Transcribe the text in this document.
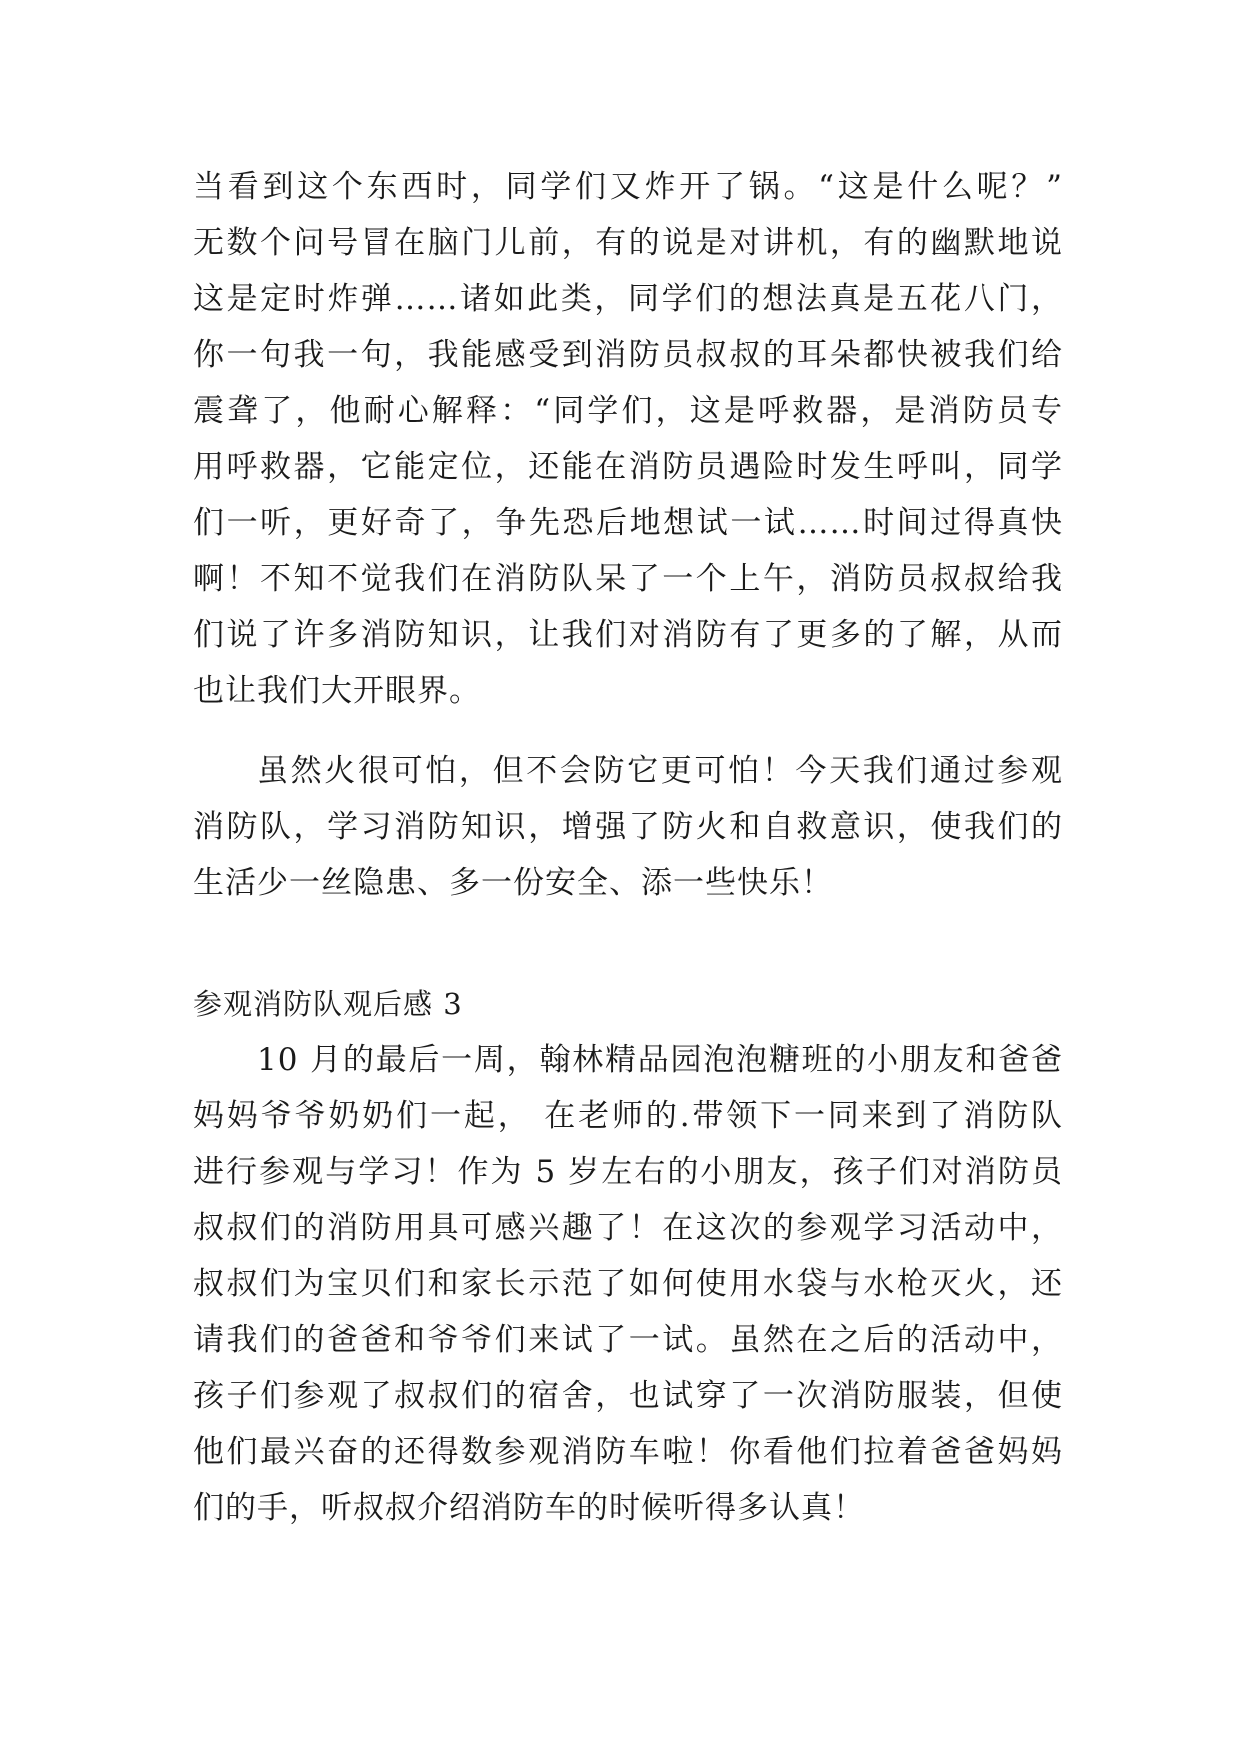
当看到这个东西时，同学们又炸开了锅。“这是什么呢？”
无数个问号冒在脑门儿前，有的说是对讲机，有的幽默地说
这是定时炸弹……诸如此类，同学们的想法真是五花八门，
你一句我一句，我能感受到消防员叔叔的耳朵都快被我们给
震聋了，他耐心解释：“同学们，这是呼救器，是消防员专
用呼救器，它能定位，还能在消防员遇险时发生呼叫，同学
们一听，更好奇了，争先恐后地想试一试……时间过得真快
啊！不知不觉我们在消防队呆了一个上午，消防员叔叔给我
们说了许多消防知识，让我们对消防有了更多的了解，从而
也让我们大开眼界。
虽然火很可怕，但不会防它更可怕！今天我们通过参观
消防队，学习消防知识，增强了防火和自救意识，使我们的
生活少一丝隐患、多一份安全、添一些快乐！
参观消防队观后感 3
10 月的最后一周，翰林精品园泡泡糖班的小朋友和爸爸
妈妈爷爷奶奶们一起， 在老师的.带领下一同来到了消防队
进行参观与学习！作为 5 岁左右的小朋友，孩子们对消防员
叔叔们的消防用具可感兴趣了！在这次的参观学习活动中，
叔叔们为宝贝们和家长示范了如何使用水袋与水枪灭火，还
请我们的爸爸和爷爷们来试了一试。虽然在之后的活动中，
孩子们参观了叔叔们的宿舍，也试穿了一次消防服装，但使
他们最兴奋的还得数参观消防车啦！你看他们拉着爸爸妈妈
们的手，听叔叔介绍消防车的时候听得多认真！
